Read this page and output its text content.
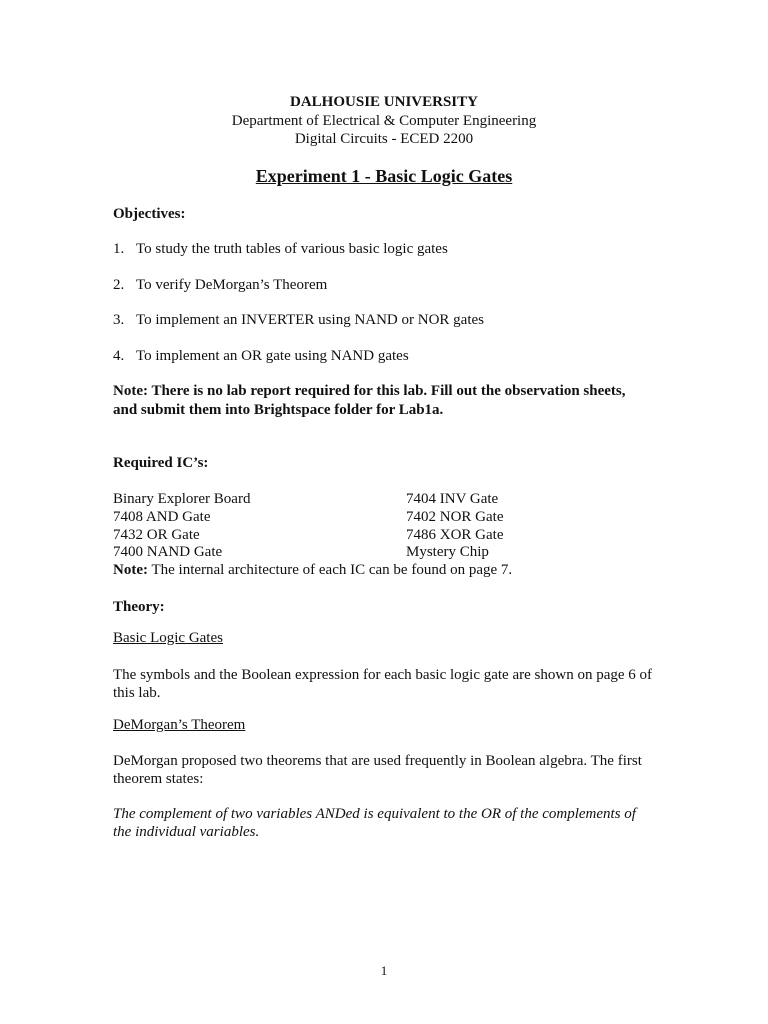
DALHOUSIE UNIVERSITY
Department of Electrical & Computer Engineering
Digital Circuits - ECED 2200
Experiment 1 - Basic Logic Gates
Objectives:
1. To study the truth tables of various basic logic gates
2. To verify DeMorgan’s Theorem
3. To implement an INVERTER using NAND or NOR gates
4. To implement an OR gate using NAND gates
Note: There is no lab report required for this lab. Fill out the observation sheets,
and submit them into Brightspace folder for Lab1a.
Required IC’s:
Binary Explorer Board
7408 AND Gate
7432 OR Gate
7400 NAND Gate
7404 INV Gate
7402 NOR Gate
7486 XOR Gate
Mystery Chip
Note: The internal architecture of each IC can be found on page 7.
Theory:
Basic Logic Gates
The symbols and the Boolean expression for each basic logic gate are shown on page 6 of
this lab.
DeMorgan’s Theorem
DeMorgan proposed two theorems that are used frequently in Boolean algebra. The first
theorem states:
The complement of two variables ANDed is equivalent to the OR of the complements of
the individual variables.
1
